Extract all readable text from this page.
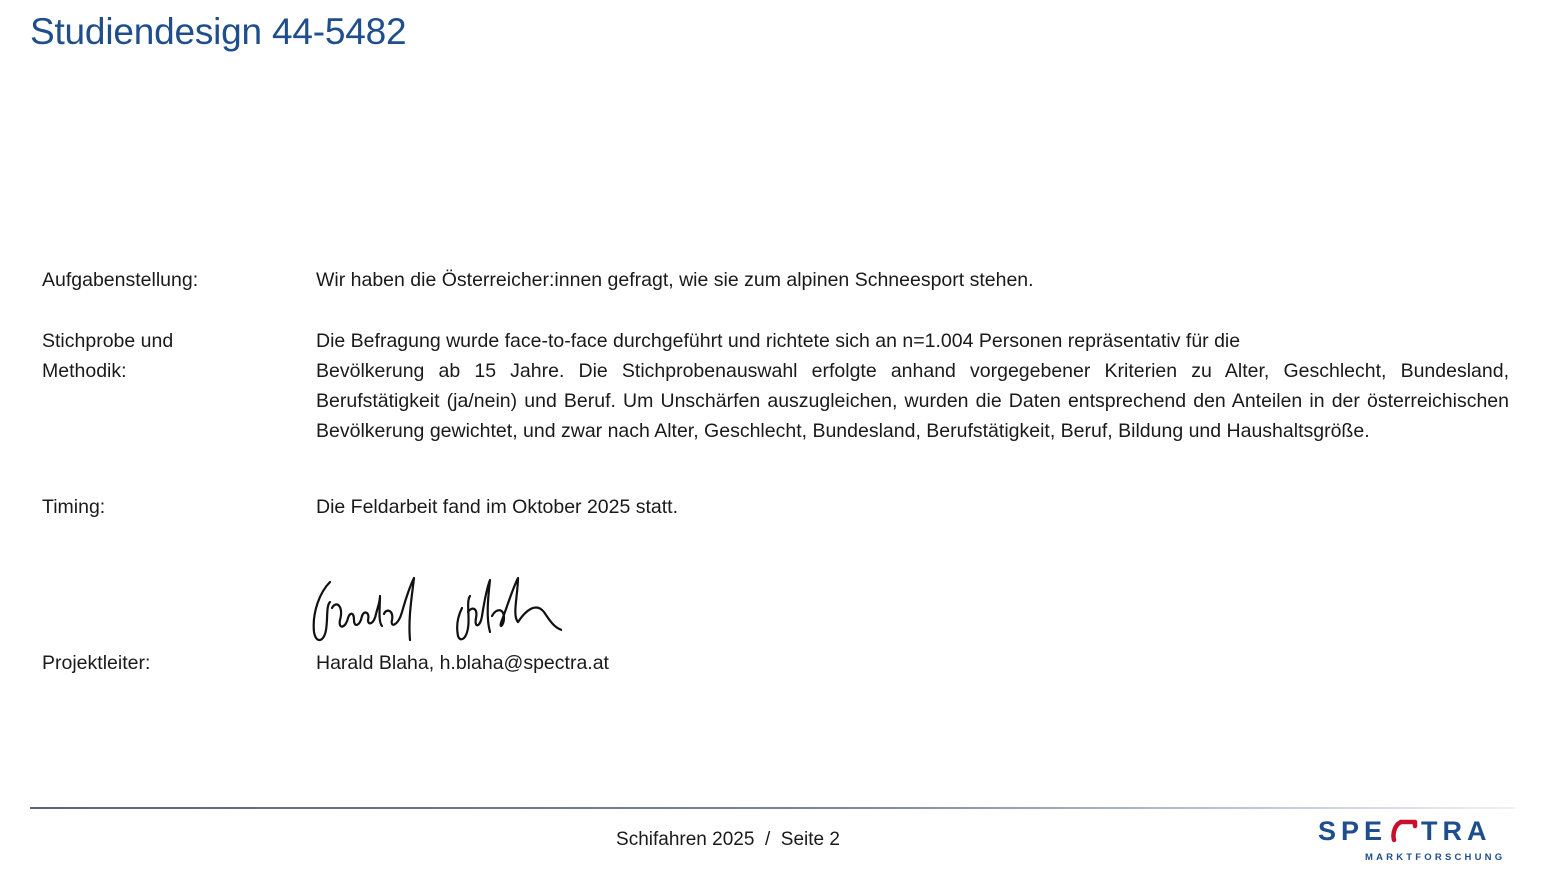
Studiendesign 44-5482
Aufgabenstellung:	Wir haben die Österreicher:innen gefragt, wie sie zum alpinen Schneesport stehen.
Stichprobe und
Methodik:
Die Befragung wurde face-to-face durchgeführt und richtete sich an n=1.004 Personen repräsentativ für die
Bevölkerung ab 15 Jahre. Die Stichprobenauswahl erfolgte anhand vorgegebener Kriterien zu Alter, Geschlecht, Bundesland, Berufstätigkeit (ja/nein) und Beruf. Um Unschärfen auszugleichen, wurden die Daten entsprechend den Anteilen in der österreichischen Bevölkerung gewichtet, und zwar nach Alter, Geschlecht, Bundesland, Berufstätigkeit, Beruf, Bildung und Haushaltsgröße.
Timing:	Die Feldarbeit fand im Oktober 2025 statt.
Projektleiter:	Harald Blaha, h.blaha@spectra.at
Schifahren 2025  /  Seite 2	SPE TRA
MARKTFORSCHUNG
